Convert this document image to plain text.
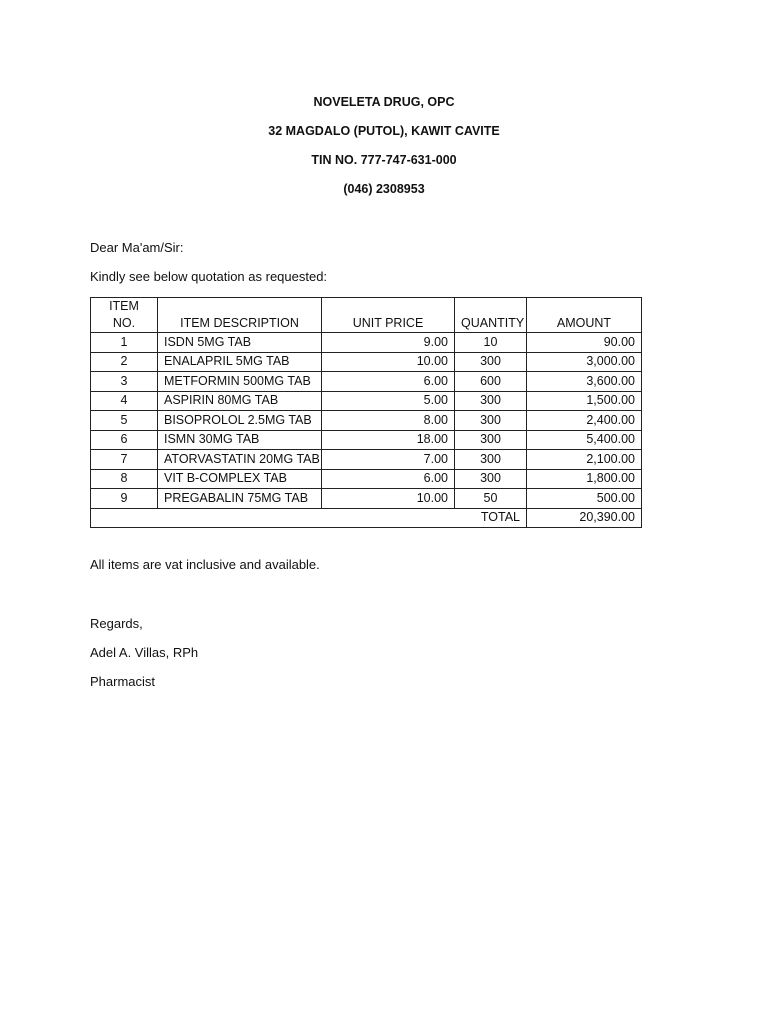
NOVELETA DRUG, OPC
32 MAGDALO (PUTOL), KAWIT CAVITE
TIN NO. 777-747-631-000
(046) 2308953
Dear Ma'am/Sir:
Kindly see below quotation as requested:
ITEM
NO.	ITEM DESCRIPTION	UNIT PRICE	QUANTITY	AMOUNT
1	ISDN 5MG TAB	9.00	10	90.00
2	ENALAPRIL 5MG TAB	10.00	300	3,000.00
3	METFORMIN 500MG TAB	6.00	600	3,600.00
4	ASPIRIN 80MG TAB	5.00	300	1,500.00
5	BISOPROLOL 2.5MG TAB	8.00	300	2,400.00
6	ISMN 30MG TAB	18.00	300	5,400.00
7	ATORVASTATIN 20MG TAB	7.00	300	2,100.00
8	VIT B-COMPLEX TAB	6.00	300	1,800.00
9	PREGABALIN 75MG TAB	10.00	50	500.00
			TOTAL	20,390.00
All items are vat inclusive and available.
Regards,
Adel A. Villas, RPh
Pharmacist
